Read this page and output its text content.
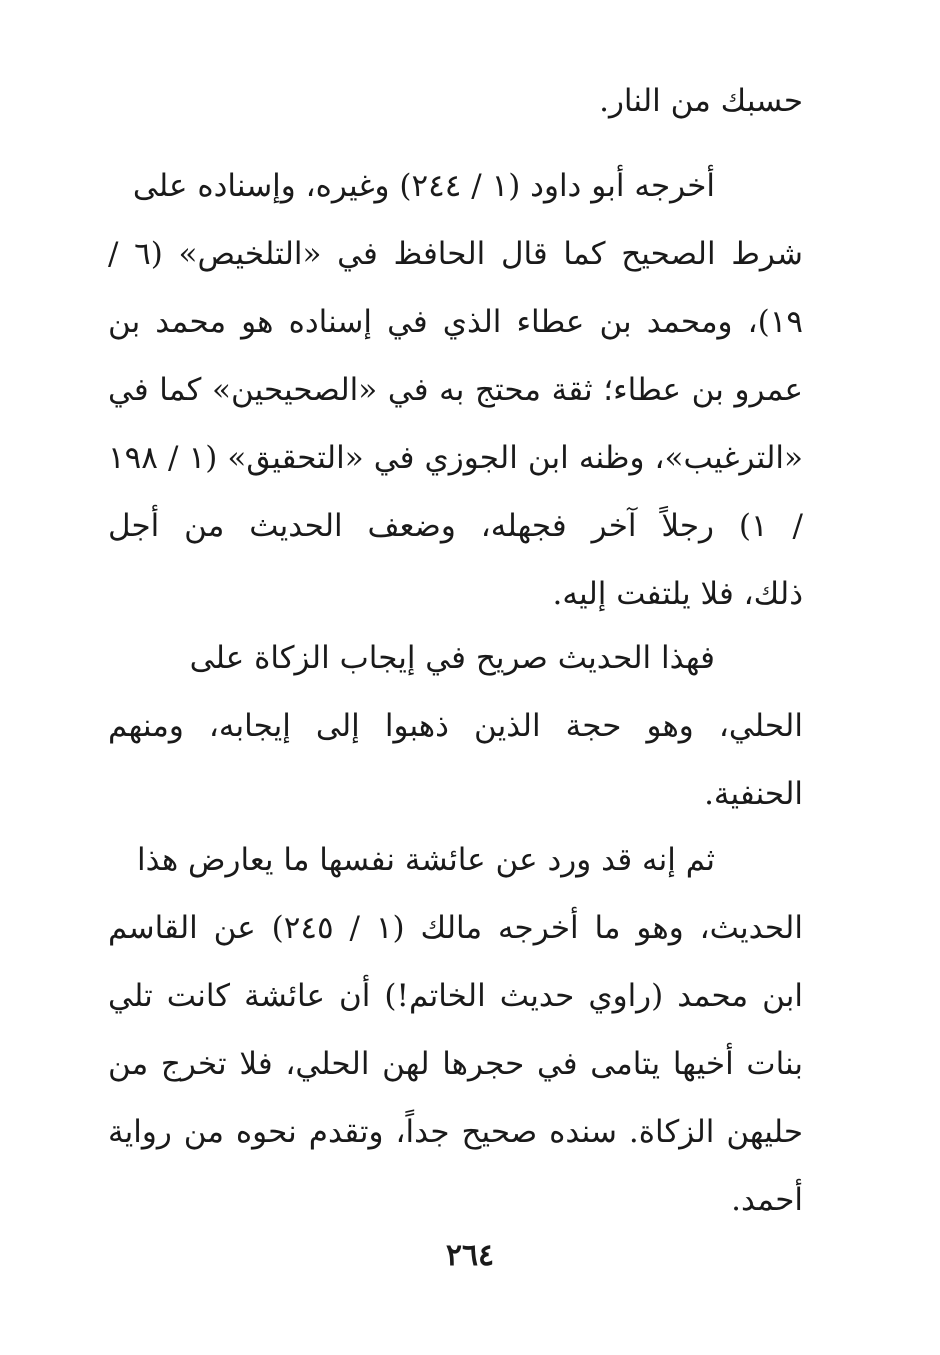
حسبك من النار.
أخرجه أبو داود (١ / ٢٤٤) وغيره، وإسناده على
شرط الصحيح كما قال الحافظ في «التلخيص» (٦ /
١٩)، ومحمد بن عطاء الذي في إسناده هو محمد بن
عمرو بن عطاء؛ ثقة محتج به في «الصحيحين» كما في
«الترغيب»، وظنه ابن الجوزي في «التحقيق» (١ / ١٩٨
/ ١) رجلاً آخر فجهله، وضعف الحديث من أجل
ذلك، فلا يلتفت إليه.
فهذا الحديث صريح في إيجاب الزكاة على
الحلي، وهو حجة الذين ذهبوا إلى إيجابه، ومنهم
الحنفية.
ثم إنه قد ورد عن عائشة نفسها ما يعارض هذا
الحديث، وهو ما أخرجه مالك (١ / ٢٤٥) عن القاسم
ابن محمد (راوي حديث الخاتم!) أن عائشة كانت تلي
بنات أخيها يتامى في حجرها لهن الحلي، فلا تخرج من
حليهن الزكاة. سنده صحيح جداً، وتقدم نحوه من رواية
أحمد.
٢٦٤
